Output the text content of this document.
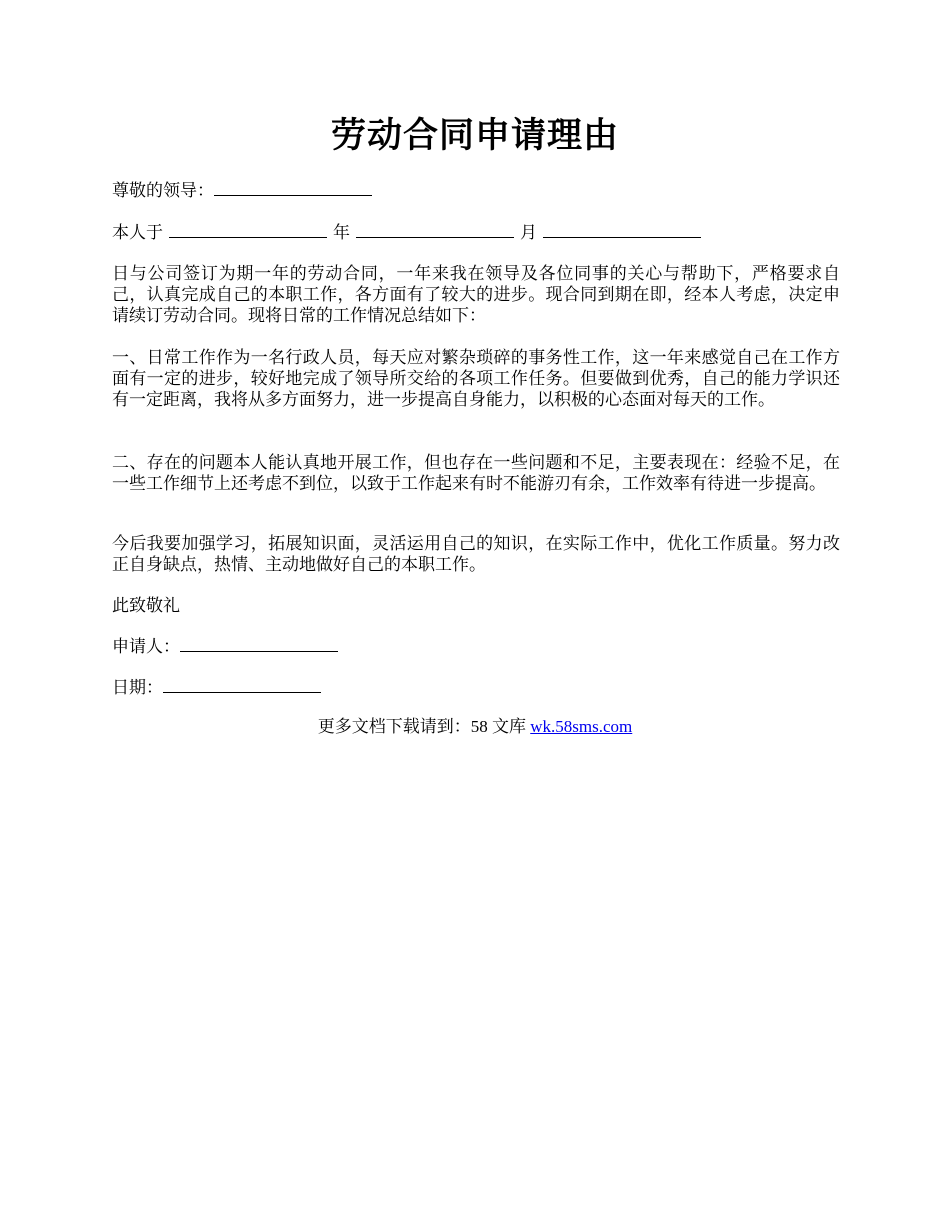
劳动合同申请理由
尊敬的领导：
本人于	年	月

日与公司签订为期一年的劳动合同，一年来我在领导及各位同事的关心与帮助下，严格要求自己，认真完成自己的本职工作，各方面有了较大的进步。现合同到期在即，经本人考虑，决定申请续订劳动合同。现将日常的工作情况总结如下：

一、日常工作作为一名行政人员，每天应对繁杂琐碎的事务性工作，这一年来感觉自己在工作方面有一定的进步，较好地完成了领导所交给的各项工作任务。但要做到优秀，自己的能力学识还有一定距离，我将从多方面努力，进一步提高自身能力，以积极的心态面对每天的工作。

二、存在的问题本人能认真地开展工作，但也存在一些问题和不足，主要表现在：经验不足，在一些工作细节上还考虑不到位，以致于工作起来有时不能游刃有余，工作效率有待进一步提高。

今后我要加强学习，拓展知识面，灵活运用自己的知识，在实际工作中，优化工作质量。努力改正自身缺点，热情、主动地做好自己的本职工作。

此致敬礼
申请人：
日期：
更多文档下载请到：58 文库 wk.58sms.com
